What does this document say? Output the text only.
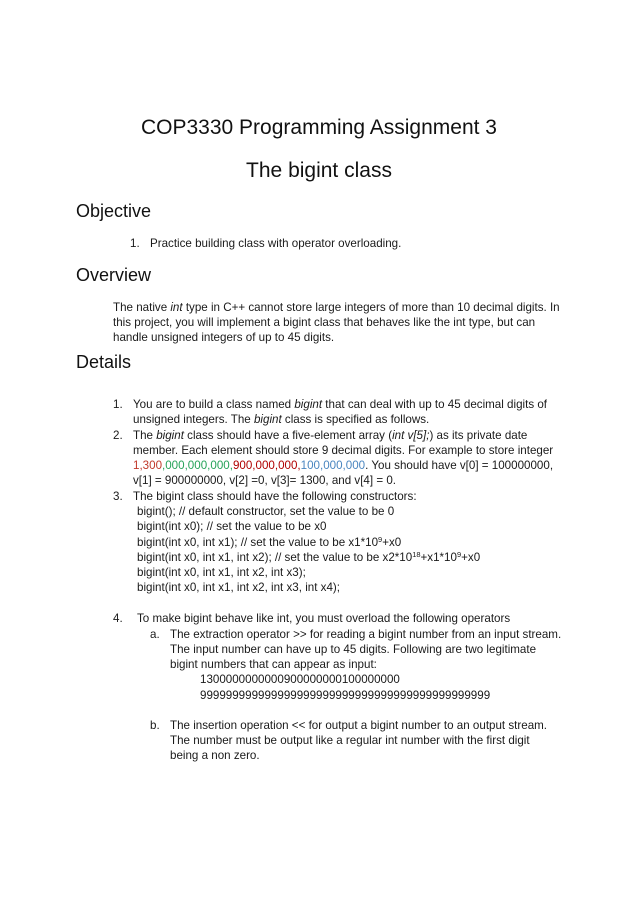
COP3330 Programming Assignment 3
The bigint class
Objective
1. Practice building class with operator overloading.
Overview
The native int type in C++ cannot store large integers of more than 10 decimal digits. In
this project, you will implement a bigint class that behaves like the int type, but can
handle unsigned integers of up to 45 digits.
Details
1. You are to build a class named bigint that can deal with up to 45 decimal digits of
unsigned integers. The bigint class is specified as follows.
2. The bigint class should have a five-element array (int v[5];) as its private date
member. Each element should store 9 decimal digits. For example to store integer
1,300,000,000,000,900,000,000,100,000,000. You should have v[0] = 100000000,
v[1] = 900000000, v[2] =0, v[3]= 1300, and v[4] = 0.
3. The bigint class should have the following constructors:
bigint(); // default constructor, set the value to be 0
bigint(int x0); // set the value to be x0
bigint(int x0, int x1); // set the value to be $x1*10^9+x0$
bigint(int x0, int x1, int x2); // set the value to be $x2*10^{18}+x1*10^9+x0$
bigint(int x0, int x1, int x2, int x3);
bigint(int x0, int x1, int x2, int x3, int x4);
4. To make bigint behave like int, you must overload the following operators
a. The extraction operator >> for reading a bigint number from an input stream.
The input number can have up to 45 digits. Following are two legitimate
bigint numbers that can appear as input:
1300000000000900000000100000000
999999999999999999999999999999999999999999999
b. The insertion operation << for output a bigint number to an output stream.
The number must be output like a regular int number with the first digit
being a non zero.
